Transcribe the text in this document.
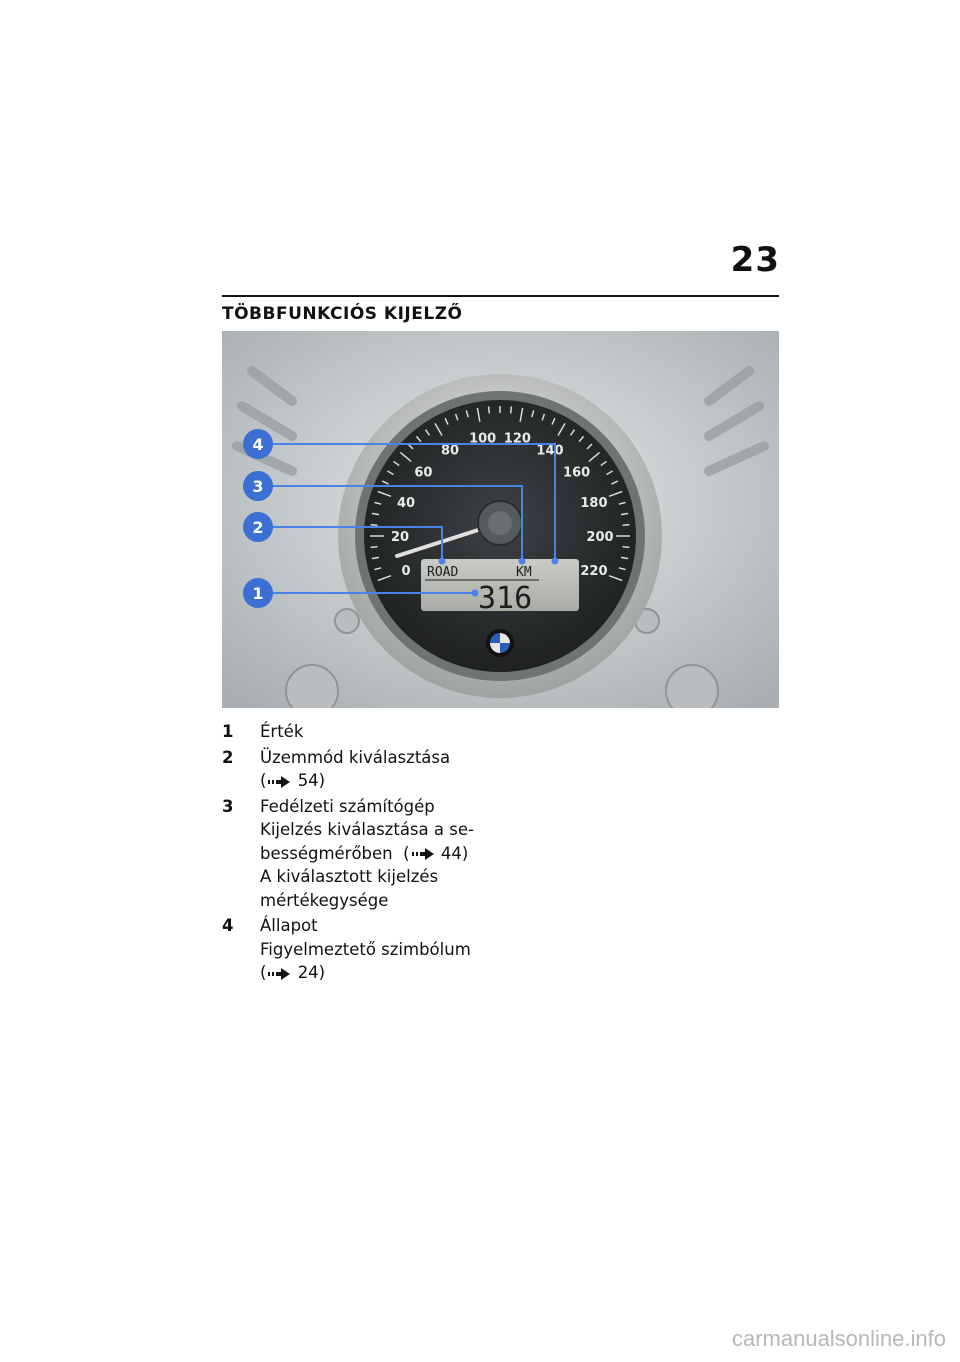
23
TÖBBFUNKCIÓS KIJELZŐ
0
20
40
60
80
100 120
140
160
180
200
220
ROAD	KM
316
4
3
2
1
1 Érték
2 Üzemmód kiválasztása
( 54)
3 Fedélzeti számítógép
Kijelzés kiválasztása a se-
bességmérőben ( 44)
A kiválasztott kijelzés
mértékegysége
4 Állapot
Figyelmeztető szimbólum
( 24)
carmanualsonline.info
